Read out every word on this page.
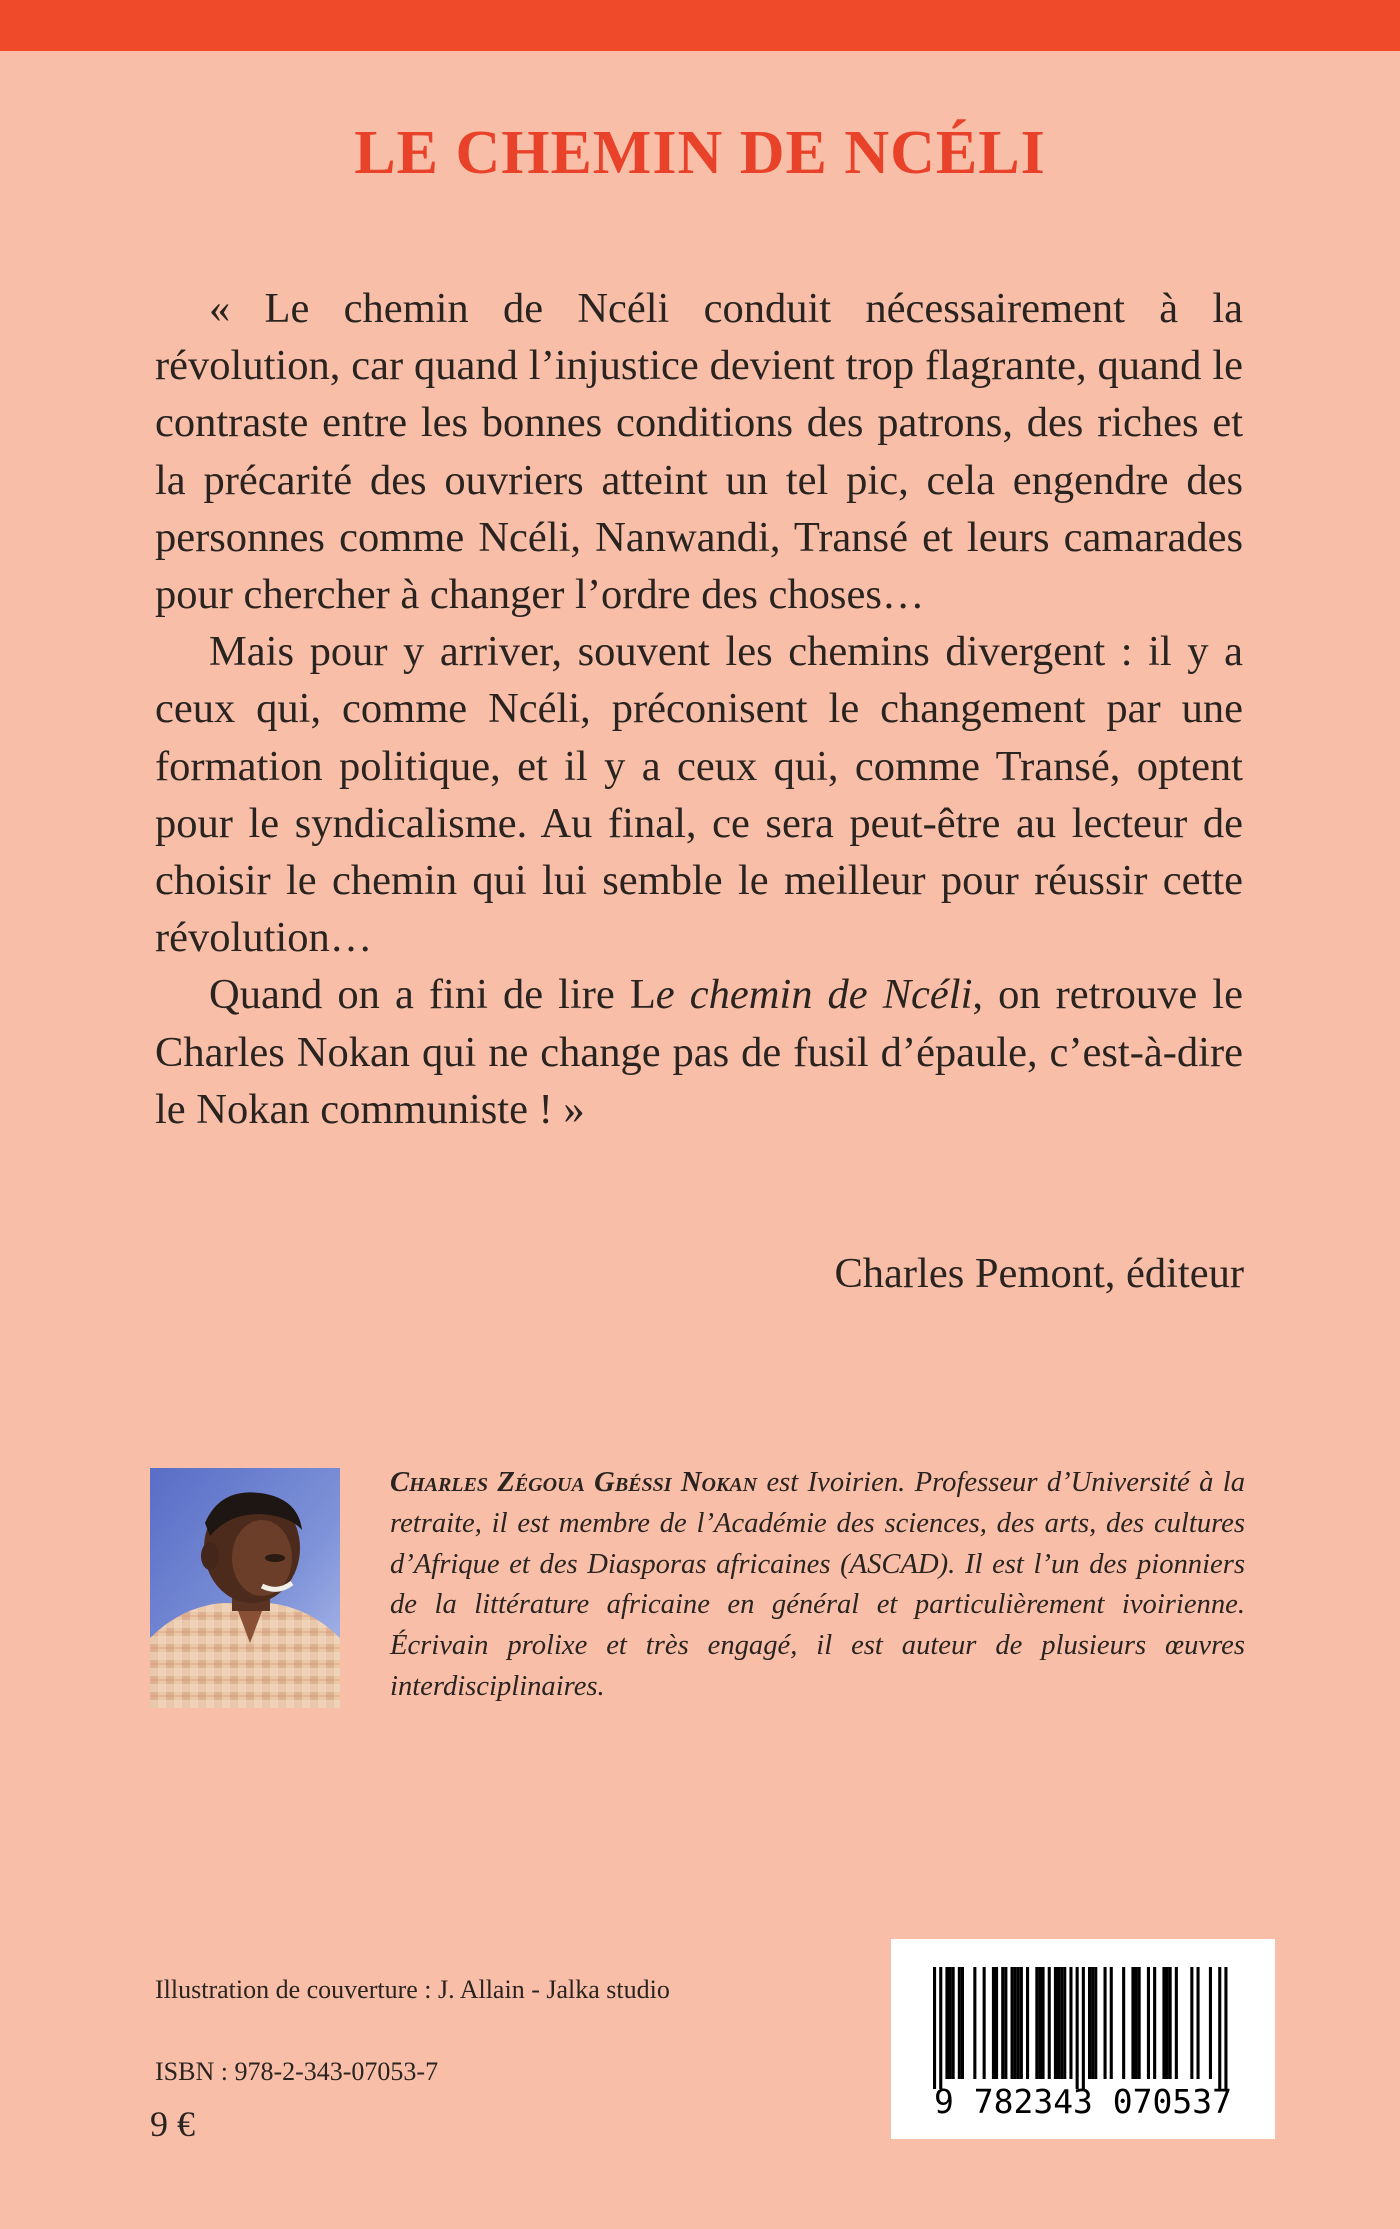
LE CHEMIN DE NCÉLI

« Le chemin de Ncéli conduit nécessairement à la révolution, car quand l’injustice devient trop flagrante, quand le contraste entre les bonnes conditions des patrons, des riches et la précarité des ouvriers atteint un tel pic, cela engendre des personnes comme Ncéli, Nanwandi, Transé et leurs camarades pour chercher à changer l’ordre des choses…

Mais pour y arriver, souvent les chemins divergent : il y a ceux qui, comme Ncéli, préconisent le changement par une formation politique, et il y a ceux qui, comme Transé, optent pour le syndicalisme. Au final, ce sera peut-être au lecteur de choisir le chemin qui lui semble le meilleur pour réussir cette révolution…

Quand on a fini de lire Le chemin de Ncéli, on retrouve le Charles Nokan qui ne change pas de fusil d’épaule, c’est-à-dire le Nokan communiste ! »

Charles Pemont, éditeur
Charles Zégoua Gbéssi Nokan est Ivoirien. Professeur d’Université à la retraite, il est membre de l’Académie des sciences, des arts, des cultures d’Afrique et des Diasporas africaines (ASCAD). Il est l’un des pionniers de la littérature africaine en général et particulièrement ivoirienne. Écrivain prolixe et très engagé, il est auteur de plusieurs œuvres interdisciplinaires.
Illustration de couverture : J. Allain - Jalka studio
ISBN : 978-2-343-07053-7
9 €
9 782343 070537
